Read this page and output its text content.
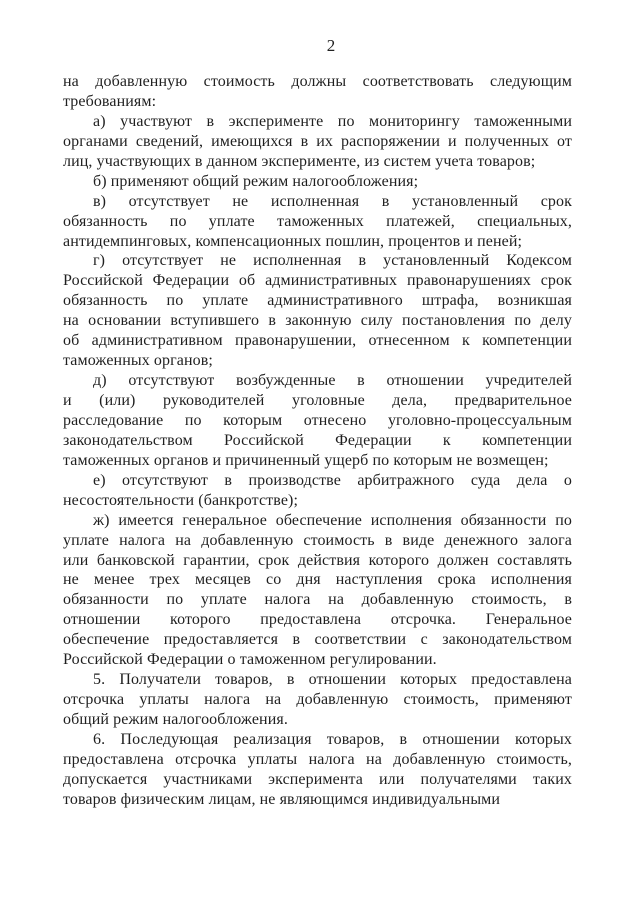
2
на добавленную стоимость должны соответствовать следующим
требованиям:
а) участвуют в эксперименте по мониторингу таможенными
органами сведений, имеющихся в их распоряжении и полученных от
лиц, участвующих в данном эксперименте, из систем учета товаров;
б) применяют общий режим налогообложения;
в) отсутствует не исполненная в установленный срок
обязанность по уплате таможенных платежей, специальных,
антидемпинговых, компенсационных пошлин, процентов и пеней;
г) отсутствует не исполненная в установленный Кодексом
Российской Федерации об административных правонарушениях срок
обязанность по уплате административного штрафа, возникшая
на основании вступившего в законную силу постановления по делу
об административном правонарушении, отнесенном к компетенции
таможенных органов;
д) отсутствуют возбужденные в отношении учредителей
и (или) руководителей уголовные дела, предварительное
расследование по которым отнесено уголовно-процессуальным
законодательством Российской Федерации к компетенции
таможенных органов и причиненный ущерб по которым не возмещен;
е) отсутствуют в производстве арбитражного суда дела о
несостоятельности (банкротстве);
ж) имеется генеральное обеспечение исполнения обязанности по
уплате налога на добавленную стоимость в виде денежного залога
или банковской гарантии, срок действия которого должен составлять
не менее трех месяцев со дня наступления срока исполнения
обязанности по уплате налога на добавленную стоимость, в
отношении которого предоставлена отсрочка. Генеральное
обеспечение предоставляется в соответствии с законодательством
Российской Федерации о таможенном регулировании.
5. Получатели товаров, в отношении которых предоставлена
отсрочка уплаты налога на добавленную стоимость, применяют
общий режим налогообложения.
6. Последующая реализация товаров, в отношении которых
предоставлена отсрочка уплаты налога на добавленную стоимость,
допускается участниками эксперимента или получателями таких
товаров физическим лицам, не являющимся индивидуальными
